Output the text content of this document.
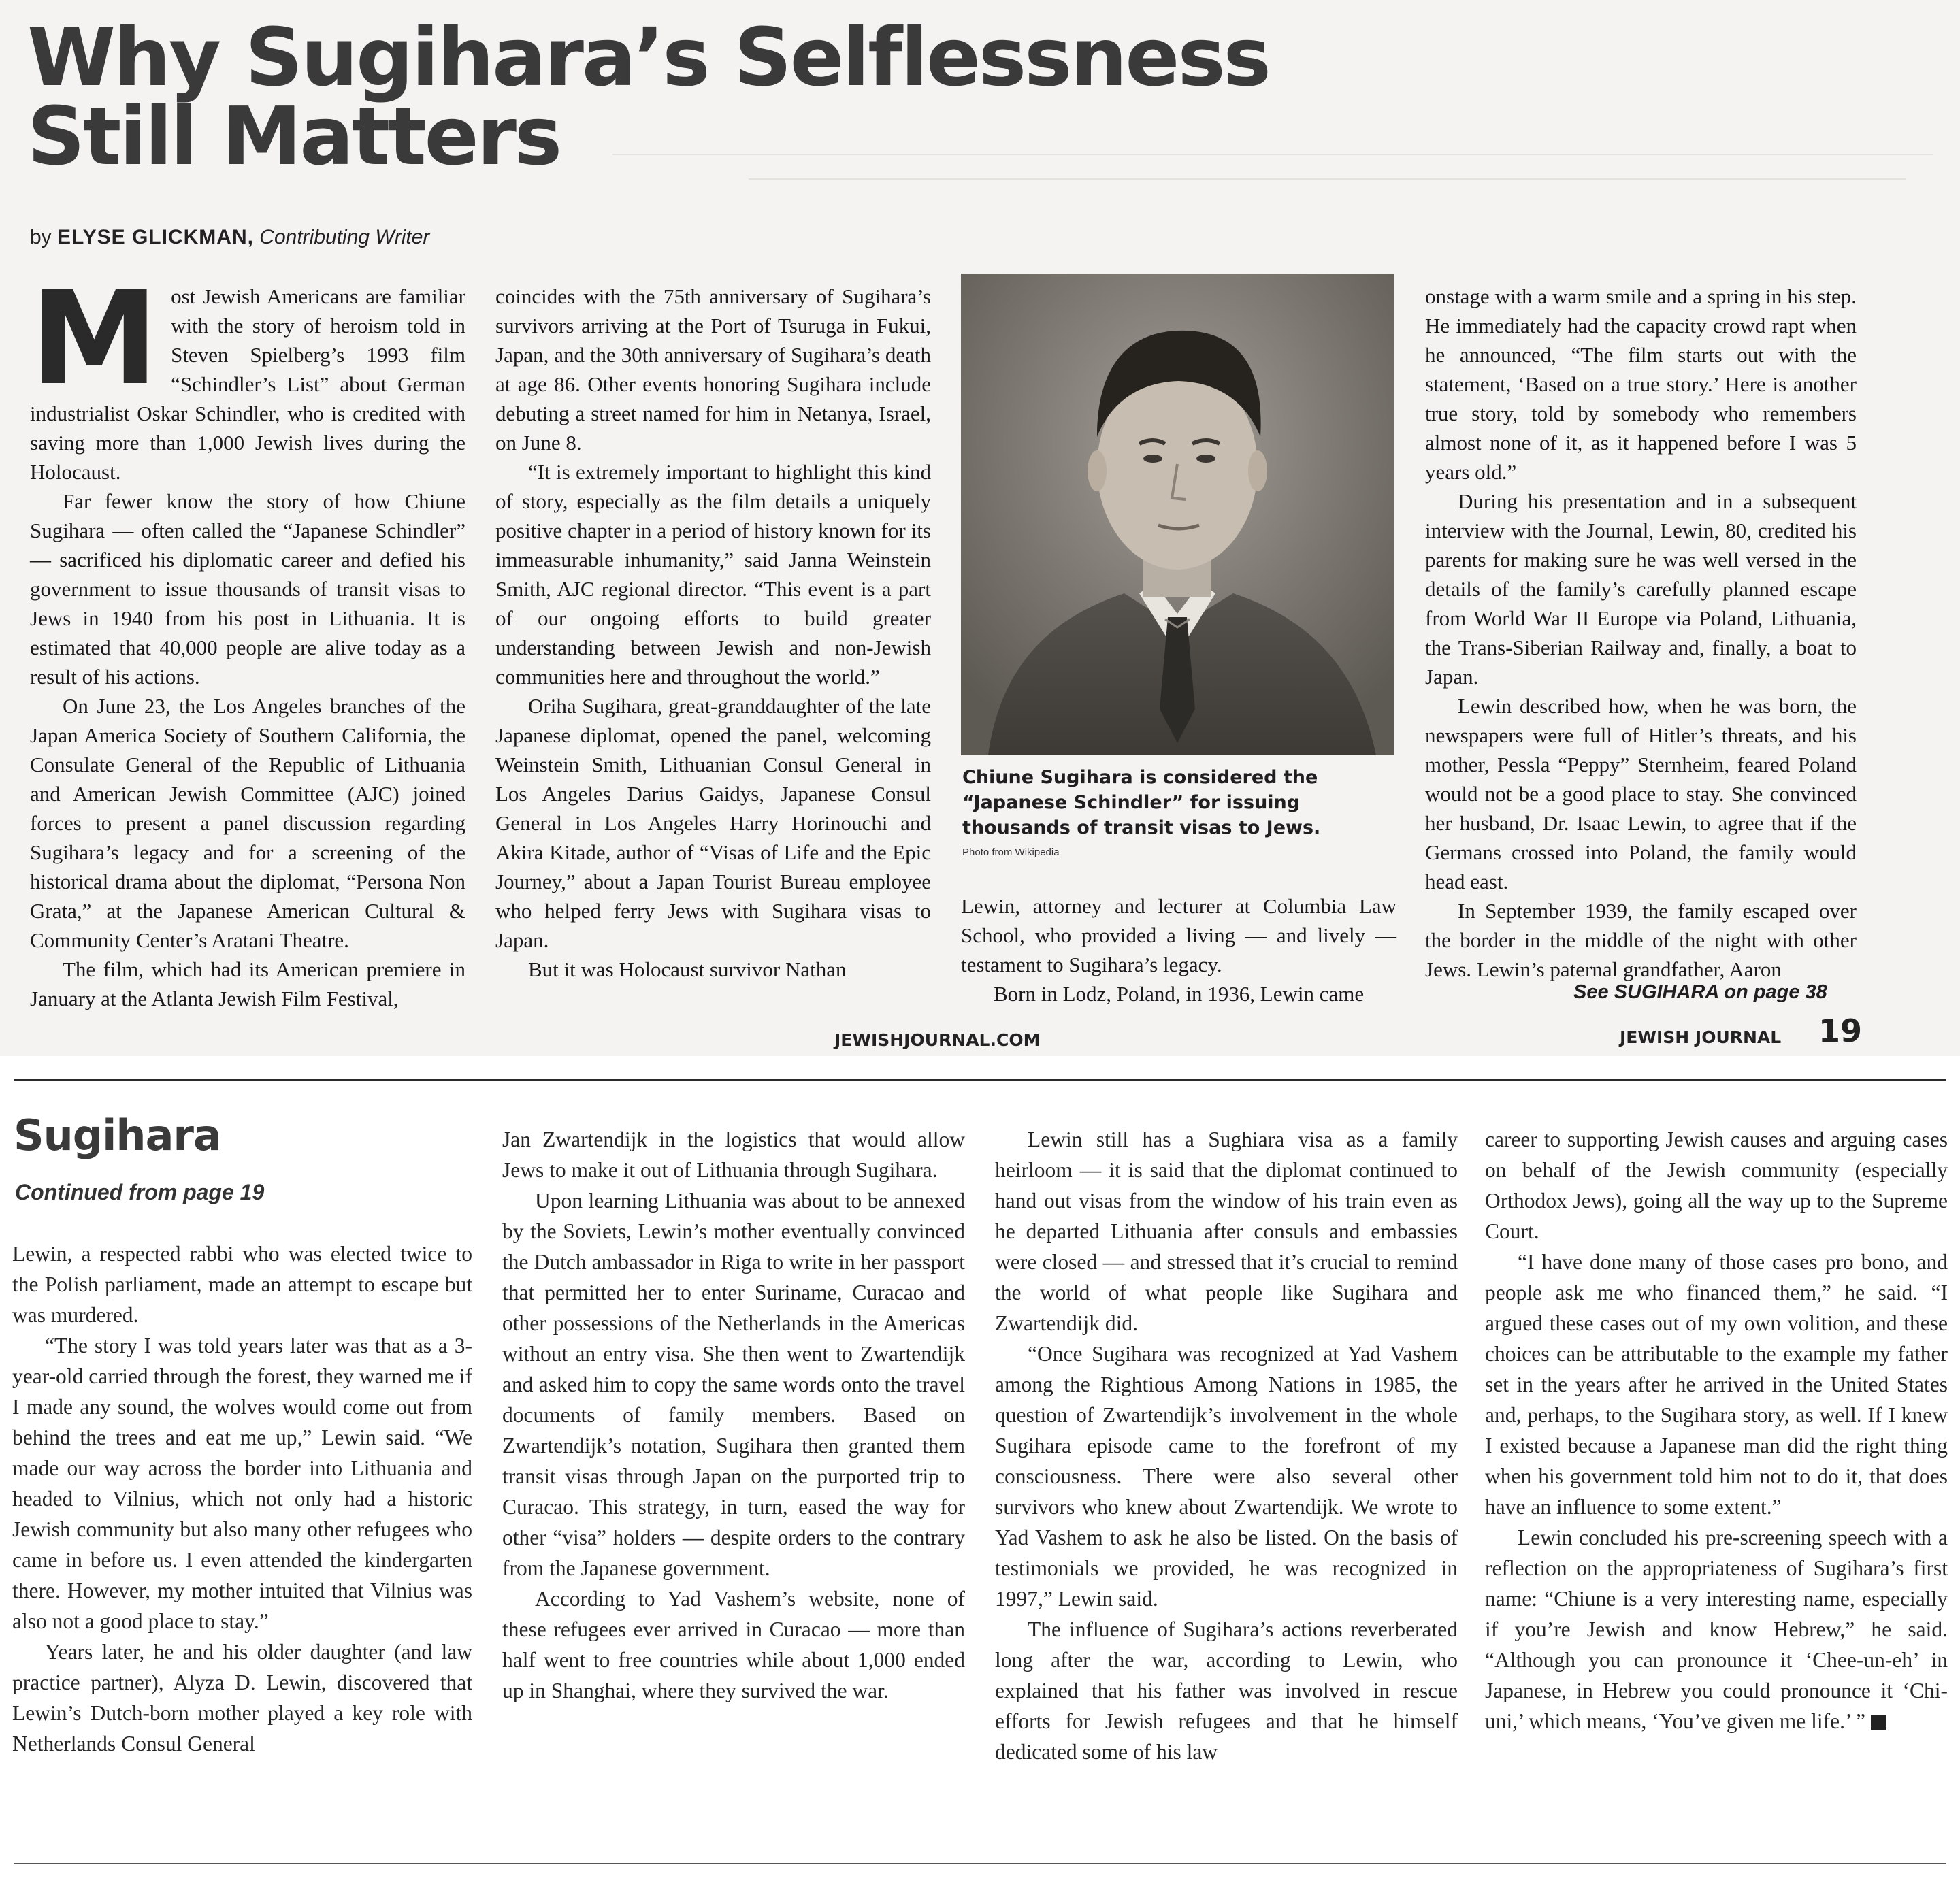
Why Sugihara’s Selflessness
Still Matters
by ELYSE GLICKMAN, Contributing Writer
M ost Jewish Americans are familiar with the story of heroism told in Steven Spielberg’s 1993 film “Schindler’s List” about German industrialist Oskar Schindler, who is credited with saving more than 1,000 Jewish lives during the Holocaust.

Far fewer know the story of how Chiune Sugihara — often called the “Japanese Schindler” — sacrificed his diplomatic career and defied his government to issue thousands of transit visas to Jews in 1940 from his post in Lithuania. It is estimated that 40,000 people are alive today as a result of his actions.

On June 23, the Los Angeles branches of the Japan America Society of Southern California, the Consulate General of the Republic of Lithuania and American Jewish Committee (AJC) joined forces to present a panel discussion regarding Sugihara’s legacy and for a screening of the historical drama about the diplomat, “Persona Non Grata,” at the Japanese American Cultural & Community Center’s Aratani Theatre.

The film, which had its American premiere in January at the Atlanta Jewish Film Festival,

coincides with the 75th anniversary of Sugihara’s survivors arriving at the Port of Tsuruga in Fukui, Japan, and the 30th anniversary of Sugihara’s death at age 86. Other events honoring Sugihara include debuting a street named for him in Netanya, Israel, on June 8.

“It is extremely important to highlight this kind of story, especially as the film details a uniquely positive chapter in a period of history known for its immeasurable inhumanity,” said Janna Weinstein Smith, AJC regional director. “This event is a part of our ongoing efforts to build greater understanding between Jewish and non-Jewish communities here and throughout the world.”

Oriha Sugihara, great-granddaughter of the late Japanese diplomat, opened the panel, welcoming Weinstein Smith, Lithuanian Consul General in Los Angeles Darius Gaidys, Japanese Consul General in Los Angeles Harry Horinouchi and Akira Kitade, author of “Visas of Life and the Epic Journey,” about a Japan Tourist Bureau employee who helped ferry Jews with Sugihara visas to Japan.

But it was Holocaust survivor Nathan

Chiune Sugihara is considered the “Japanese Schindler” for issuing thousands of transit visas to Jews.
Photo from Wikipedia

Lewin, attorney and lecturer at Columbia Law School, who provided a living — and lively — testament to Sugihara’s legacy.

Born in Lodz, Poland, in 1936, Lewin came

onstage with a warm smile and a spring in his step. He immediately had the capacity crowd rapt when he announced, “The film starts out with the statement, ‘Based on a true story.’ Here is another true story, told by somebody who remembers almost none of it, as it happened before I was 5 years old.”

During his presentation and in a subsequent interview with the Journal, Lewin, 80, credited his parents for making sure he was well versed in the details of the family’s carefully planned escape from World War II Europe via Poland, Lithuania, the Trans-Siberian Railway and, finally, a boat to Japan.

Lewin described how, when he was born, the newspapers were full of Hitler’s threats, and his mother, Pessla “Peppy” Sternheim, feared Poland would not be a good place to stay. She convinced her husband, Dr. Isaac Lewin, to agree that if the Germans crossed into Poland, the family would head east.

In September 1939, the family escaped over the border in the middle of the night with other Jews. Lewin’s paternal grandfather, Aaron

See SUGIHARA on page 38
JEWISHJOURNAL.COM	JEWISH JOURNAL 19
Sugihara
Continued from page 19

Lewin, a respected rabbi who was elected twice to the Polish parliament, made an attempt to escape but was murdered.

“The story I was told years later was that as a 3-year-old carried through the forest, they warned me if I made any sound, the wolves would come out from behind the trees and eat me up,” Lewin said. “We made our way across the border into Lithuania and headed to Vilnius, which not only had a historic Jewish community but also many other refugees who came in before us. I even attended the kindergarten there. However, my mother intuited that Vilnius was also not a good place to stay.”

Years later, he and his older daughter (and law practice partner), Alyza D. Lewin, discovered that Lewin’s Dutch-born mother played a key role with Netherlands Consul General

Jan Zwartendijk in the logistics that would allow Jews to make it out of Lithuania through Sugihara.

Upon learning Lithuania was about to be annexed by the Soviets, Lewin’s mother eventually convinced the Dutch ambassador in Riga to write in her passport that permitted her to enter Suriname, Curacao and other possessions of the Netherlands in the Americas without an entry visa. She then went to Zwartendijk and asked him to copy the same words onto the travel documents of family members. Based on Zwartendijk’s notation, Sugihara then granted them transit visas through Japan on the purported trip to Curacao. This strategy, in turn, eased the way for other “visa” holders — despite orders to the contrary from the Japanese government.

According to Yad Vashem’s website, none of these refugees ever arrived in Curacao — more than half went to free countries while about 1,000 ended up in Shanghai, where they survived the war.

Lewin still has a Sughiara visa as a family heirloom — it is said that the diplomat continued to hand out visas from the window of his train even as he departed Lithuania after consuls and embassies were closed — and stressed that it’s crucial to remind the world of what people like Sugihara and Zwartendijk did.

“Once Sugihara was recognized at Yad Vashem among the Rightious Among Nations in 1985, the question of Zwartendijk’s involvement in the whole Sugihara episode came to the forefront of my consciousness. There were also several other survivors who knew about Zwartendijk. We wrote to Yad Vashem to ask he also be listed. On the basis of testimonials we provided, he was recognized in 1997,” Lewin said.

The influence of Sugihara’s actions reverberated long after the war, according to Lewin, who explained that his father was involved in rescue efforts for Jewish refugees and that he himself dedicated some of his law

career to supporting Jewish causes and arguing cases on behalf of the Jewish community (especially Orthodox Jews), going all the way up to the Supreme Court.

“I have done many of those cases pro bono, and people ask me who financed them,” he said. “I argued these cases out of my own volition, and these choices can be attributable to the example my father set in the years after he arrived in the United States and, perhaps, to the Sugihara story, as well. If I knew I existed because a Japanese man did the right thing when his government told him not to do it, that does have an influence to some extent.”

Lewin concluded his pre-screening speech with a reflection on the appropriateness of Sugihara’s first name: “Chiune is a very interesting name, especially if you’re Jewish and know Hebrew,” he said. “Although you can pronounce it ‘Chee-un-eh’ in Japanese, in Hebrew you could pronounce it ‘Chi-uni,’ which means, ‘You’ve given me life.’ ”
